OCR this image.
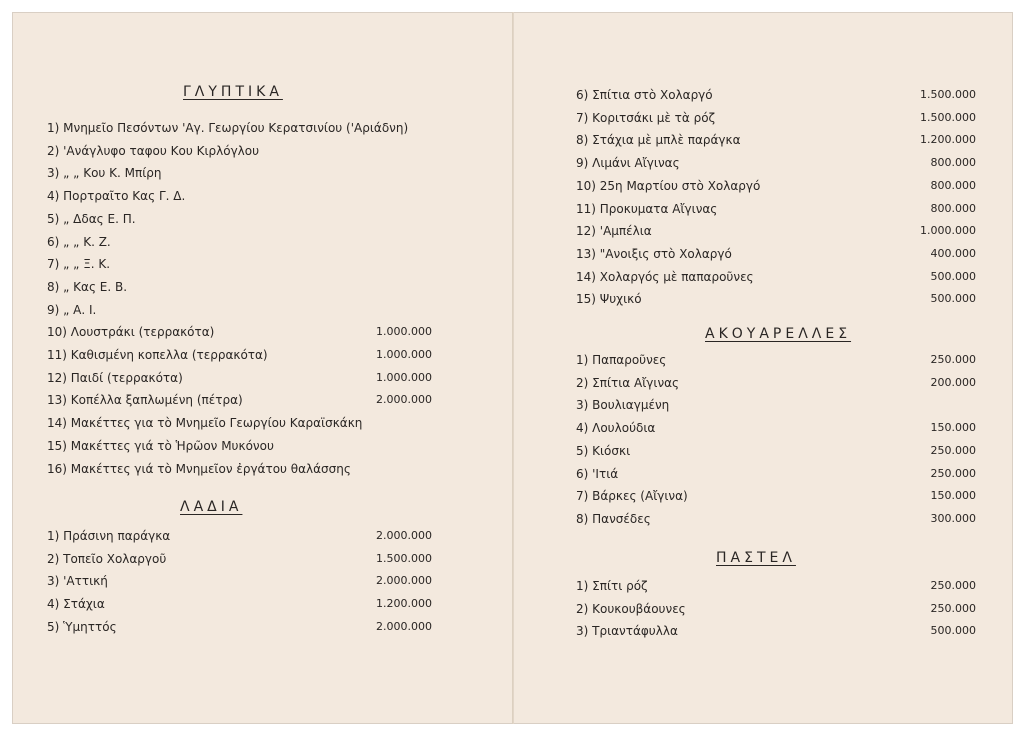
ΓΛΥΠΤΙΚΑ
1) Μνημεῖο Πεσόντων 'Αγ. Γεωργίου Κερατσινίου ('Αριάδνη)
2) 'Ανάγλυφο ταφου Κου Κιρλόγλου
3) „ „ Κου Κ. Μπίρη
4) Πορτραῖτο Κας Γ. Δ.
5) „ Δδας Ε. Π.
6) „ „ Κ. Ζ.
7) „ „ Ξ. Κ.
8) „ Κας Ε. Β.
9) „ Α. Ι.
10) Λουστράκι (τερρακότα)	1.000.000
11) Καθισμένη κοπελλα (τερρακότα)	1.000.000
12) Παιδί (τερρακότα)	1.000.000
13) Κοπέλλα ξαπλωμένη (πέτρα)	2.000.000
14) Μακέττες για τὸ Μνημεῖο Γεωργίου Καραϊσκάκη
15) Μακέττες γιά τὸ Ἡρῶον Μυκόνου
16) Μακέττες γιά τὸ Μνημεῖον ἐργάτου θαλάσσης
ΛΑΔΙΑ
1) Πράσινη παράγκα	2.000.000
2) Τοπεῖο Χολαργοῦ	1.500.000
3) 'Αττική	2.000.000
4) Στάχια	1.200.000
5) Ὑμηττός	2.000.000
6) Σπίτια στὸ Χολαργό	1.500.000
7) Κοριτσάκι μὲ τὰ ρόζ	1.500.000
8) Στάχια μὲ μπλὲ παράγκα	1.200.000
9) Λιμάνι Αἴγινας	800.000
10) 25η Μαρτίου στὸ Χολαργό	800.000
11) Προκυματα Αἴγινας	800.000
12) 'Αμπέλια	1.000.000
13) "Ανοιξις στὸ Χολαργό	400.000
14) Χολαργός μὲ παπαροῦνες	500.000
15) Ψυχικό	500.000
ΑΚΟΥΑΡΕΛΛΕΣ
1) Παπαροῦνες	250.000
2) Σπίτια Αἴγινας	200.000
3) Βουλιαγμένη
4) Λουλούδια	150.000
5) Κιόσκι	250.000
6) 'Ιτιά	250.000
7) Βάρκες (Αἴγινα)	150.000
8) Πανσέδες	300.000
ΠΑΣΤΕΛ
1) Σπίτι ρόζ	250.000
2) Κουκουβάουνες	250.000
3) Τριαντάφυλλα	500.000
